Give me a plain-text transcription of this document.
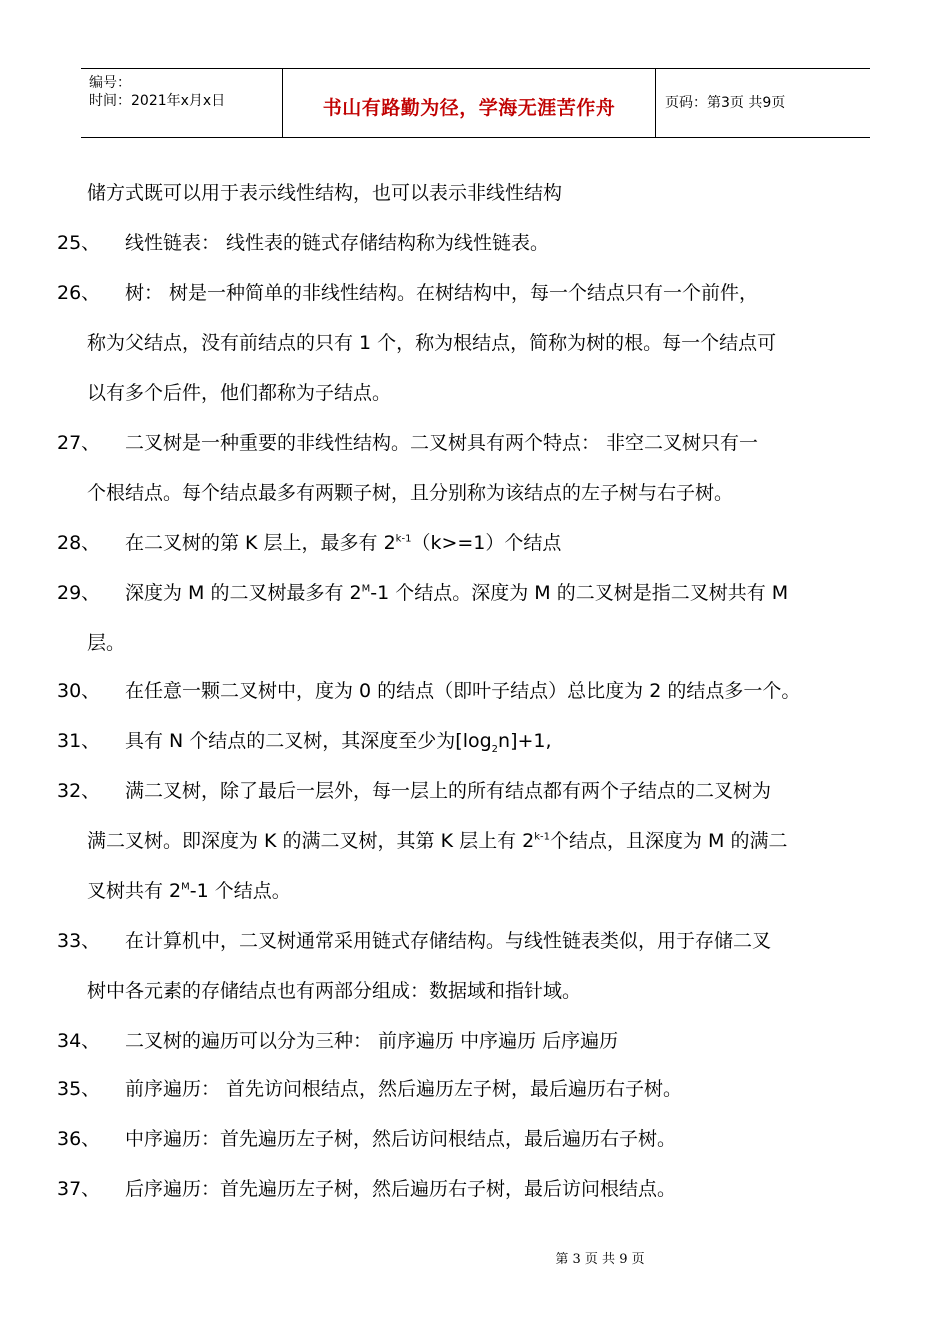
编号：
时间：2021年x月x日	书山有路勤为径，学海无涯苦作舟	页码：第3页 共9页
储方式既可以用于表示线性结构，也可以表示非线性结构
25、 线性链表： 线性表的链式存储结构称为线性链表。
26、 树： 树是一种简单的非线性结构。在树结构中，每一个结点只有一个前件，
称为父结点，没有前结点的只有 1 个，称为根结点，简称为树的根。每一个结点可
以有多个后件，他们都称为子结点。
27、 二叉树是一种重要的非线性结构。二叉树具有两个特点： 非空二叉树只有一
个根结点。每个结点最多有两颗子树，且分别称为该结点的左子树与右子树。
28、 在二叉树的第 K 层上，最多有 $2^{k-1}(k>=1)$个结点
29、 深度为 M 的二叉树最多有 $2^M-1$ 个结点。深度为 M 的二叉树是指二叉树共有 M
层。
30、 在任意一颗二叉树中，度为 0 的结点（即叶子结点）总比度为 2 的结点多一个。
31、 具有 N 个结点的二叉树，其深度至少为$[\log_2n]+1$,
32、 满二叉树，除了最后一层外，每一层上的所有结点都有两个子结点的二叉树为
满二叉树。即深度为 K 的满二叉树，其第 K 层上有 2$^{k-1}$个结点，且深度为 M 的满二
叉树共有 $2^M-1$ 个结点。
33、 在计算机中，二叉树通常采用链式存储结构。与线性链表类似，用于存储二叉
树中各元素的存储结点也有两部分组成：数据域和指针域。
34、 二叉树的遍历可以分为三种： 前序遍历 中序遍历 后序遍历
35、 前序遍历： 首先访问根结点，然后遍历左子树，最后遍历右子树。
36、 中序遍历：首先遍历左子树，然后访问根结点，最后遍历右子树。
37、 后序遍历：首先遍历左子树，然后遍历右子树，最后访问根结点。
第 3 页 共 9 页
